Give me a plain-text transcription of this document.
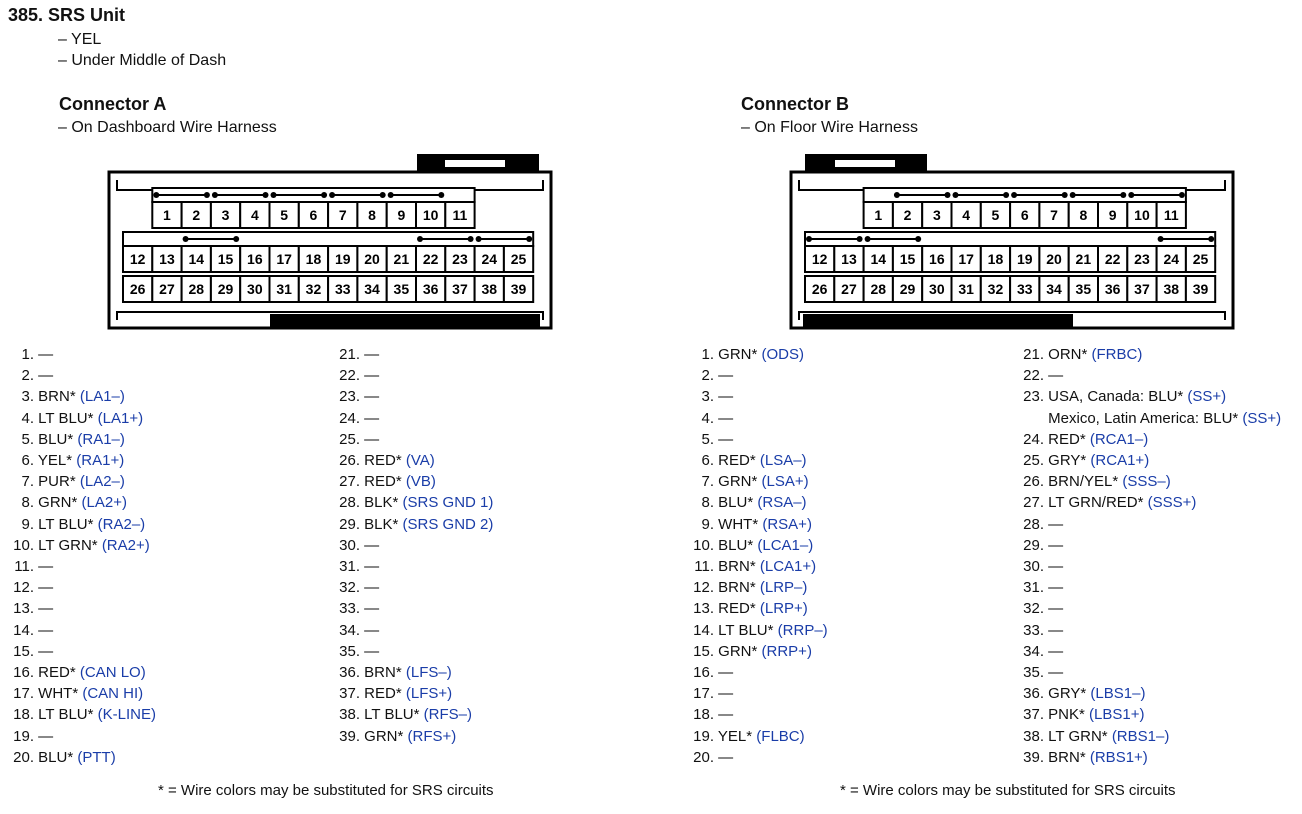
385. SRS Unit
– YEL
– Under Middle of Dash
Connector A
– On Dashboard Wire Harness
Connector B
– On Floor Wire Harness
1 2 3 4 5 6 7 8 9 10 11
12 13 14 15 16 17 18 19 20 21 22 23 24 25
26 27 28 29 30 31 32 33 34 35 36 37 38 39
1 2 3 4 5 6 7 8 9 10 11
12 13 14 15 16 17 18 19 20 21 22 23 24 25
26 27 28 29 30 31 32 33 34 35 36 37 38 39
1. —
2. —
3. BRN* (LA1–)
4. LT BLU* (LA1+)
5. BLU* (RA1–)
6. YEL* (RA1+)
7. PUR* (LA2–)
8. GRN* (LA2+)
9. LT BLU* (RA2–)
10. LT GRN* (RA2+)
11. —
12. —
13. —
14. —
15. —
16. RED* (CAN LO)
17. WHT* (CAN HI)
18. LT BLU* (K-LINE)
19. —
20. BLU* (PTT)
21. —
22. —
23. —
24. —
25. —
26. RED* (VA)
27. RED* (VB)
28. BLK* (SRS GND 1)
29. BLK* (SRS GND 2)
30. —
31. —
32. —
33. —
34. —
35. —
36. BRN* (LFS–)
37. RED* (LFS+)
38. LT BLU* (RFS–)
39. GRN* (RFS+)
1. GRN* (ODS)
2. —
3. —
4. —
5. —
6. RED* (LSA–)
7. GRN* (LSA+)
8. BLU* (RSA–)
9. WHT* (RSA+)
10. BLU* (LCA1–)
11. BRN* (LCA1+)
12. BRN* (LRP–)
13. RED* (LRP+)
14. LT BLU* (RRP–)
15. GRN* (RRP+)
16. —
17. —
18. —
19. YEL* (FLBC)
20. —
21. ORN* (FRBC)
22. —
23. USA, Canada: BLU* (SS+)
Mexico, Latin America: BLU* (SS+)
24. RED* (RCA1–)
25. GRY* (RCA1+)
26. BRN/YEL* (SSS–)
27. LT GRN/RED* (SSS+)
28. —
29. —
30. —
31. —
32. —
33. —
34. —
35. —
36. GRY* (LBS1–)
37. PNK* (LBS1+)
38. LT GRN* (RBS1–)
39. BRN* (RBS1+)
* = Wire colors may be substituted for SRS circuits	* = Wire colors may be substituted for SRS circuits
